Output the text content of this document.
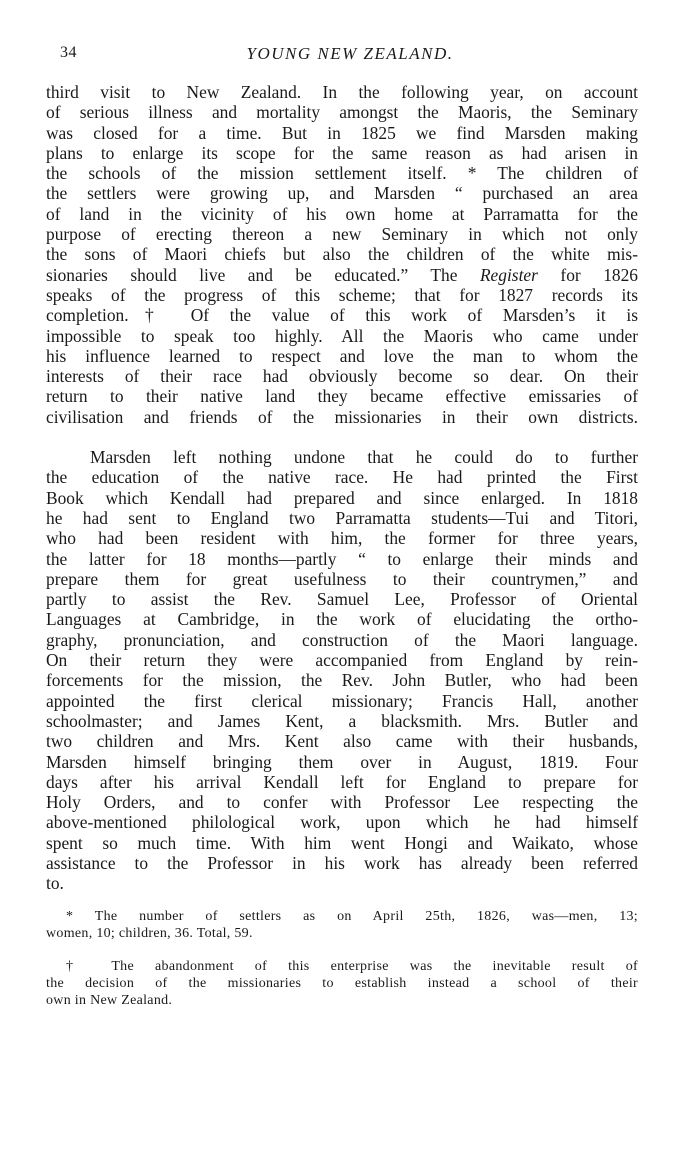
34	YOUNG NEW ZEALAND.
third visit to New Zealand. In the following year, on account
of serious illness and mortality amongst the Maoris, the Seminary
was closed for a time. But in 1825 we find Marsden making
plans to enlarge its scope for the same reason as had arisen in
the schools of the mission settlement itself. * The children of
the settlers were growing up, and Marsden “ purchased an area
of land in the vicinity of his own home at Parramatta for the
purpose of erecting thereon a new Seminary in which not only
the sons of Maori chiefs but also the children of the white mis-
sionaries should live and be educated.” The Register for 1826
speaks of the progress of this scheme; that for 1827 records its
completion.† Of the value of this work of Marsden’s it is
impossible to speak too highly. All the Maoris who came under
his influence learned to respect and love the man to whom the
interests of their race had obviously become so dear. On their
return to their native land they became effective emissaries of
civilisation and friends of the missionaries in their own districts.
Marsden left nothing undone that he could do to further
the education of the native race. He had printed the First
Book which Kendall had prepared and since enlarged. In 1818
he had sent to England two Parramatta students—Tui and Titori,
who had been resident with him, the former for three years,
the latter for 18 months—partly “ to enlarge their minds and
prepare them for great usefulness to their countrymen,” and
partly to assist the Rev. Samuel Lee, Professor of Oriental
Languages at Cambridge, in the work of elucidating the ortho-
graphy, pronunciation, and construction of the Maori language.
On their return they were accompanied from England by rein-
forcements for the mission, the Rev. John Butler, who had been
appointed the first clerical missionary; Francis Hall, another
schoolmaster; and James Kent, a blacksmith. Mrs. Butler and
two children and Mrs. Kent also came with their husbands,
Marsden himself bringing them over in August, 1819. Four
days after his arrival Kendall left for England to prepare for
Holy Orders, and to confer with Professor Lee respecting the
above-mentioned philological work, upon which he had himself
spent so much time. With him went Hongi and Waikato, whose
assistance to the Professor in his work has already been referred
to.
* The number of settlers as on April 25th, 1826, was—men, 13;
women, 10; children, 36. Total, 59.
† The abandonment of this enterprise was the inevitable result of
the decision of the missionaries to establish instead a school of their
own in New Zealand.
